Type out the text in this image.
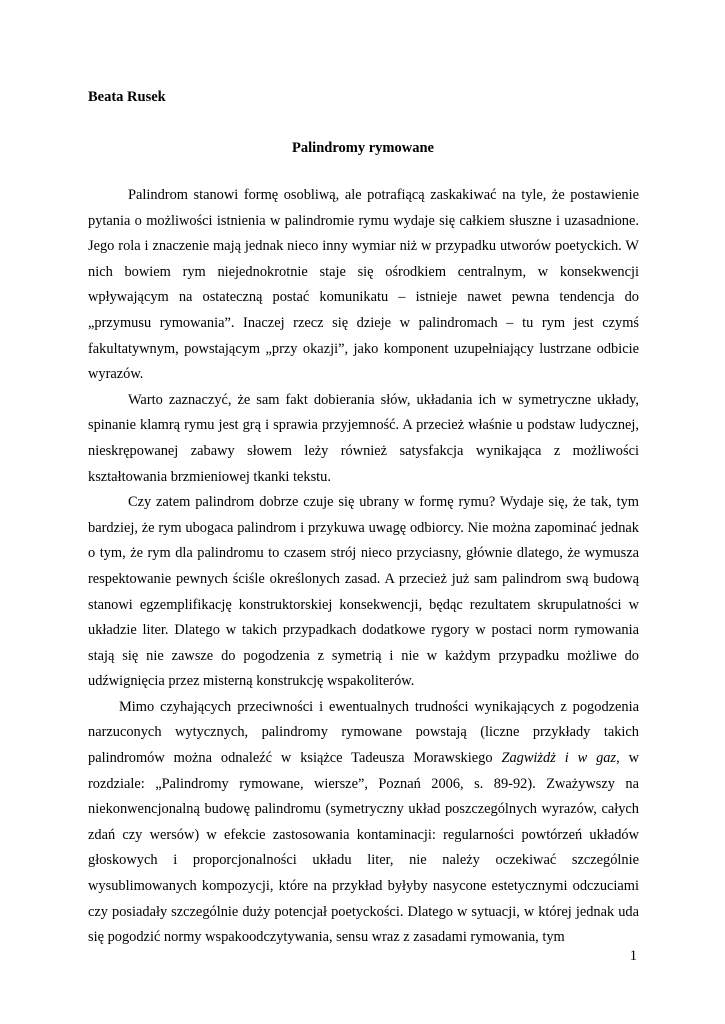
Beata Rusek
Palindromy rymowane

Palindrom stanowi formę osobliwą, ale potrafiącą zaskakiwać na tyle, że postawienie pytania o możliwości istnienia w palindromie rymu wydaje się całkiem słuszne i uzasadnione. Jego rola i znaczenie mają jednak nieco inny wymiar niż w przypadku utworów poetyckich. W nich bowiem rym niejednokrotnie staje się ośrodkiem centralnym, w konsekwencji wpływającym na ostateczną postać komunikatu – istnieje nawet pewna tendencja do „przymusu rymowania”. Inaczej rzecz się dzieje w palindromach – tu rym jest czymś fakultatywnym, powstającym „przy okazji”, jako komponent uzupełniający lustrzane odbicie wyrazów.

Warto zaznaczyć, że sam fakt dobierania słów, układania ich w symetryczne układy, spinanie klamrą rymu jest grą i sprawia przyjemność. A przecież właśnie u podstaw ludycznej, nieskrępowanej zabawy słowem leży również satysfakcja wynikająca z możliwości kształtowania brzmieniowej tkanki tekstu.

Czy zatem palindrom dobrze czuje się ubrany w formę rymu? Wydaje się, że tak, tym bardziej, że rym ubogaca palindrom i przykuwa uwagę odbiorcy. Nie można zapominać jednak o tym, że rym dla palindromu to czasem strój nieco przyciasny, głównie dlatego, że wymusza respektowanie pewnych ściśle określonych zasad. A przecież już sam palindrom swą budową stanowi egzemplifikację konstruktorskiej konsekwencji, będąc rezultatem skrupulatności w układzie liter. Dlatego w takich przypadkach dodatkowe rygory w postaci norm rymowania stają się nie zawsze do pogodzenia z symetrią i nie w każdym przypadku możliwe do udźwignięcia przez misterną konstrukcję wspakoliterów.

Mimo czyhających przeciwności i ewentualnych trudności wynikających z pogodzenia narzuconych wytycznych, palindromy rymowane powstają (liczne przykłady takich palindromów można odnaleźć w książce Tadeusza Morawskiego Zagwiżdż i w gaz, w rozdziale: „Palindromy rymowane, wiersze”, Poznań 2006, s. 89-92). Zważywszy na niekonwencjonalną budowę palindromu (symetryczny układ poszczególnych wyrazów, całych zdań czy wersów) w efekcie zastosowania kontaminacji: regularności powtórzeń układów głoskowych i proporcjonalności układu liter, nie należy oczekiwać szczególnie wysublimowanych kompozycji, które na przykład byłyby nasycone estetycznymi odczuciami czy posiadały szczególnie duży potencjał poetyckości. Dlatego w sytuacji, w której jednak uda się pogodzić normy wspakoodczytywania, sensu wraz z zasadami rymowania, tym

1
